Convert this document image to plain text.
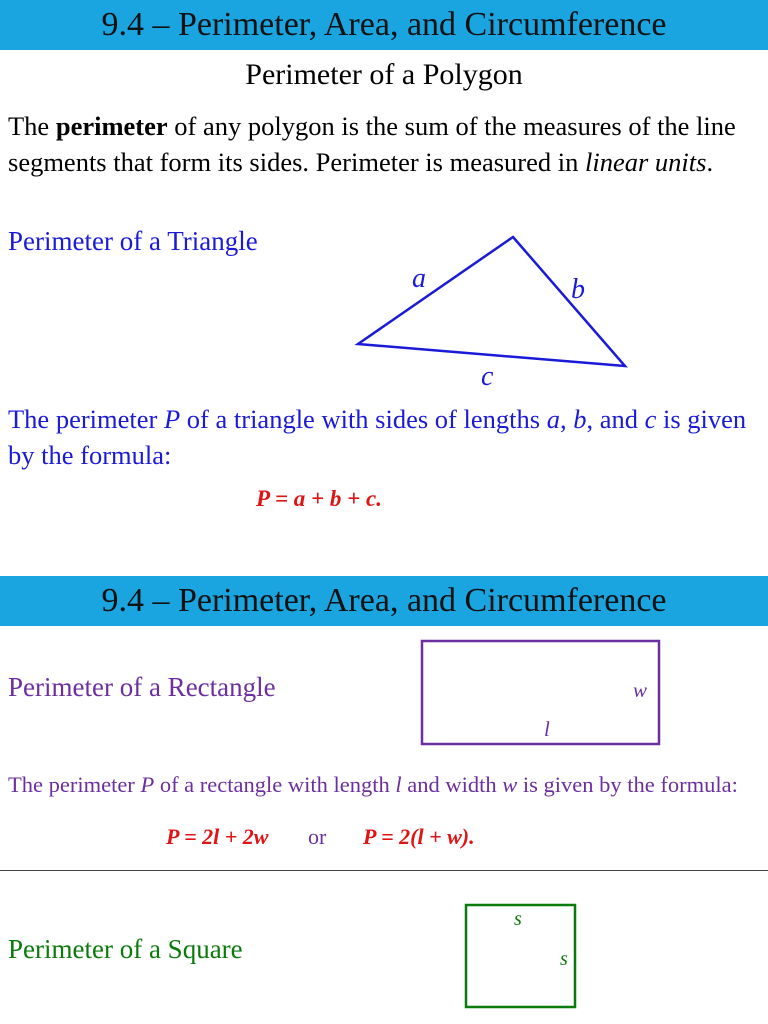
9.4 – Perimeter, Area, and Circumference
Perimeter of a Polygon
The perimeter of any polygon is the sum of the measures of the line segments that form its sides. Perimeter is measured in linear units.
Perimeter of a Triangle
a	b
c
The perimeter P of a triangle with sides of lengths a, b, and c is given by the formula:
P = a + b + c.
9.4 – Perimeter, Area, and Circumference
Perimeter of a Rectangle	w
l
The perimeter P of a rectangle with length l and width w is given by the formula:
P = 2l + 2w or P = 2(l + w).
Perimeter of a Square
s
s
